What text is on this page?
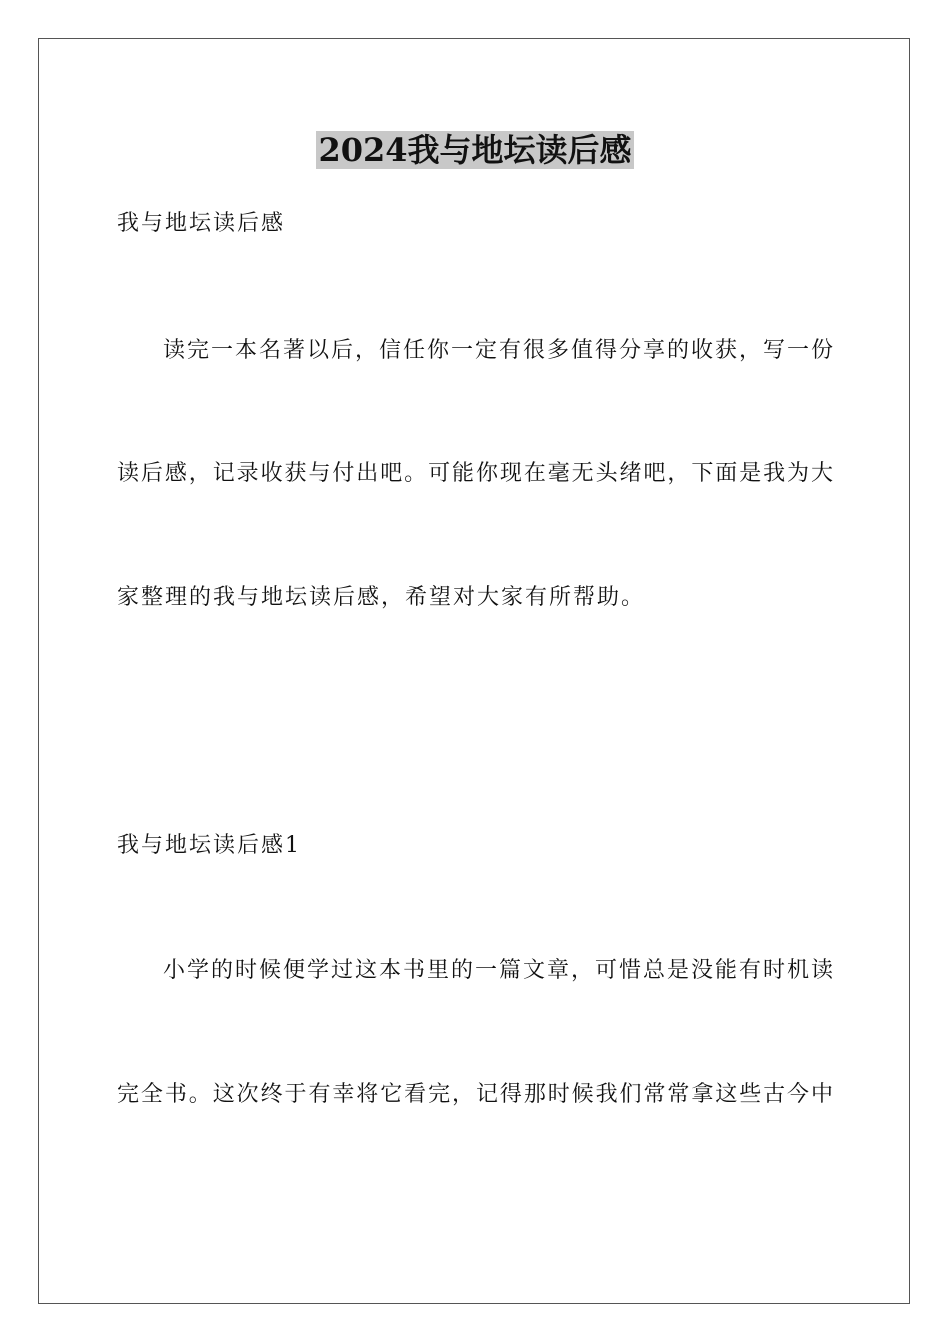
2024我与地坛读后感
我与地坛读后感
读完一本名著以后，信任你一定有很多值得分享的收获，写一份
读后感，记录收获与付出吧。可能你现在毫无头绪吧，下面是我为大
家整理的我与地坛读后感，希望对大家有所帮助。
我与地坛读后感1
小学的时候便学过这本书里的一篇文章，可惜总是没能有时机读
完全书。这次终于有幸将它看完，记得那时候我们常常拿这些古今中
